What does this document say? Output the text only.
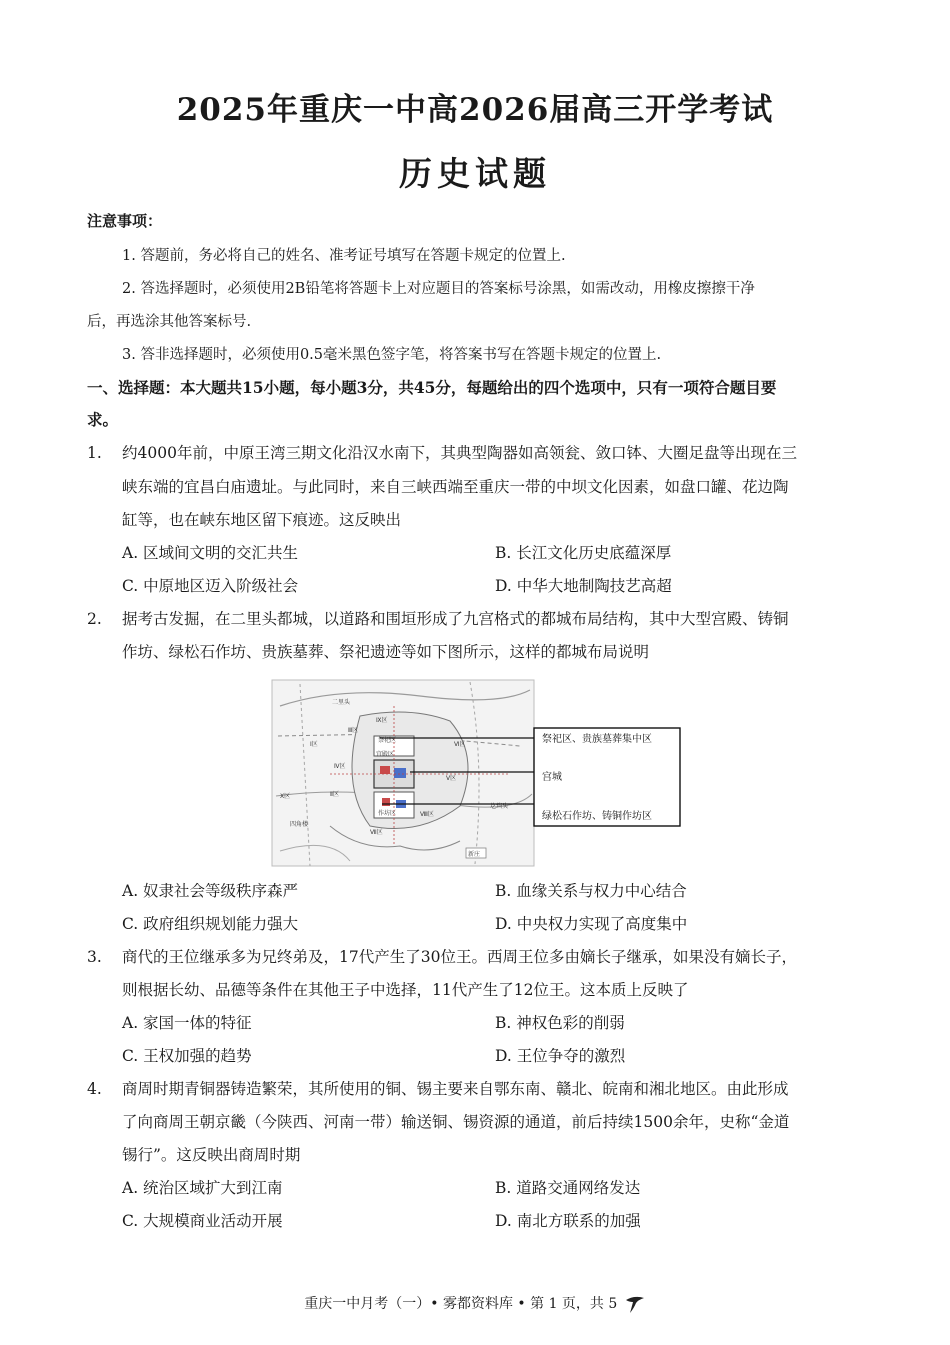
2025年重庆一中高2026届高三开学考试
历史试题
注意事项：
1. 答题前，务必将自己的姓名、准考证号填写在答题卡规定的位置上.
2. 答选择题时，必须使用2B铅笔将答题卡上对应题目的答案标号涂黑，如需改动，用橡皮擦擦干净
后，再选涂其他答案标号.
3. 答非选择题时，必须使用0.5毫米黑色签字笔，将答案书写在答题卡规定的位置上.
一、选择题：本大题共15小题，每小题3分，共45分，每题给出的四个选项中，只有一项符合题目要
求。
1. 约4000年前，中原王湾三期文化沿汉水南下，其典型陶器如高领瓮、敛口钵、大圈足盘等出现在三
峡东端的宜昌白庙遗址。与此同时，来自三峡西端至重庆一带的中坝文化因素，如盘口罐、花边陶
缸等，也在峡东地区留下痕迹。这反映出
A. 区域间文明的交汇共生	B. 长江文化历史底蕴深厚
C. 中原地区迈入阶级社会	D. 中华大地制陶技艺高超
2. 据考古发掘，在二里头都城，以道路和围垣形成了九宫格式的都城布局结构，其中大型宫殿、铸铜
作坊、绿松石作坊、贵族墓葬、祭祀遗迹等如下图所示，这样的都城布局说明
二里头
Ⅲ区
Ⅸ区
Ⅵ区
Ⅴ区
Ⅳ区
Ⅷ区
Ⅶ区
宫殿区
祭祀区
作坊区
Ⅱ区
Ⅰ区
Ⅹ区
四角楼
圪垱头
新庄
祭祀区、贵族墓葬集中区
宫城
绿松石作坊、铸铜作坊区
A. 奴隶社会等级秩序森严	B. 血缘关系与权力中心结合
C. 政府组织规划能力强大	D. 中央权力实现了高度集中
3. 商代的王位继承多为兄终弟及，17代产生了30位王。西周王位多由嫡长子继承，如果没有嫡长子，
则根据长幼、品德等条件在其他王子中选择，11代产生了12位王。这本质上反映了
A. 家国一体的特征	B. 神权色彩的削弱
C. 王权加强的趋势	D. 王位争夺的激烈
4. 商周时期青铜器铸造繁荣，其所使用的铜、锡主要来自鄂东南、赣北、皖南和湘北地区。由此形成
了向商周王朝京畿（今陕西、河南一带）输送铜、锡资源的通道，前后持续1500余年，史称“金道
锡行”。这反映出商周时期
A. 统治区域扩大到江南	B. 道路交通网络发达
C. 大规模商业活动开展	D. 南北方联系的加强
重庆一中月考（一）• 雾都资料库 • 第 1 页，共 5
